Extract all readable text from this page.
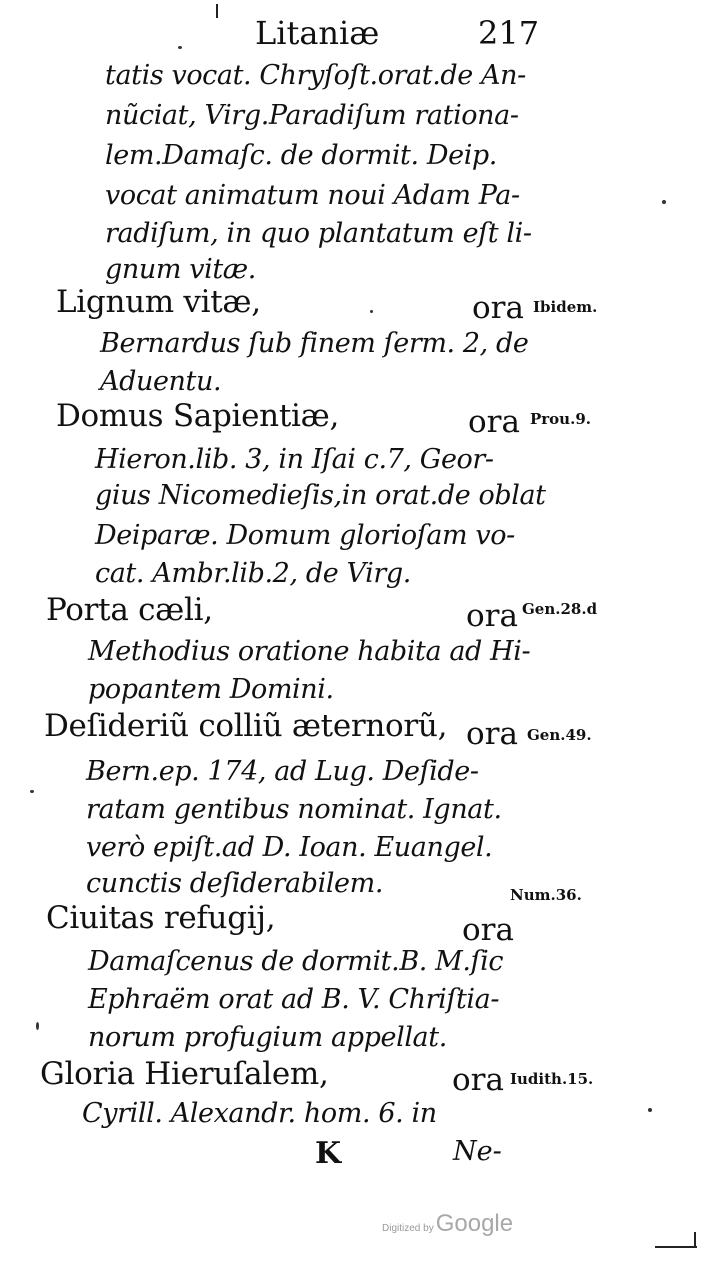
Litaniæ	217
tatis vocat. Chryſoſt.orat.de An-
nũciat, Virg.Paradiſum rationa-
lem.Damaſc. de dormit. Deip.
vocat animatum noui Adam Pa-
radiſum, in quo plantatum eſt li-
gnum vitæ.
Lignum vitæ,	ora Ibidem.
Bernardus ſub finem ſerm. 2, de
Aduentu.
Domus Sapientiæ,	ora Prou.9.
Hieron.lib. 3, in Iſai c.7, Geor-
gius Nicomedieſis,in orat.de oblat
Deiparæ. Domum glorioſam vo-
cat. Ambr.lib.2, de Virg.
Porta cæli,	ora Gen.28.d
Methodius oratione habita ad Hi-
popantem Domini.
Deſideriũ colliũ æternorũ, ora Gen.49.
Bern.ep. 174, ad Lug. Deſide-
ratam gentibus nominat. Ignat.
verò epiſt.ad D. Ioan. Euangel.
cunctis deſiderabilem.	Num.36.
Ciuitas refugij,	ora
Damaſcenus de dormit.B. M.ſic
Ephraëm orat ad B. V. Chriſtia-
norum profugium appellat.
Gloria Hieruſalem,	ora Iudith.15.
Cyrill. Alexandr. hom. 6. in
K	Ne-
Digitized byGoogle
